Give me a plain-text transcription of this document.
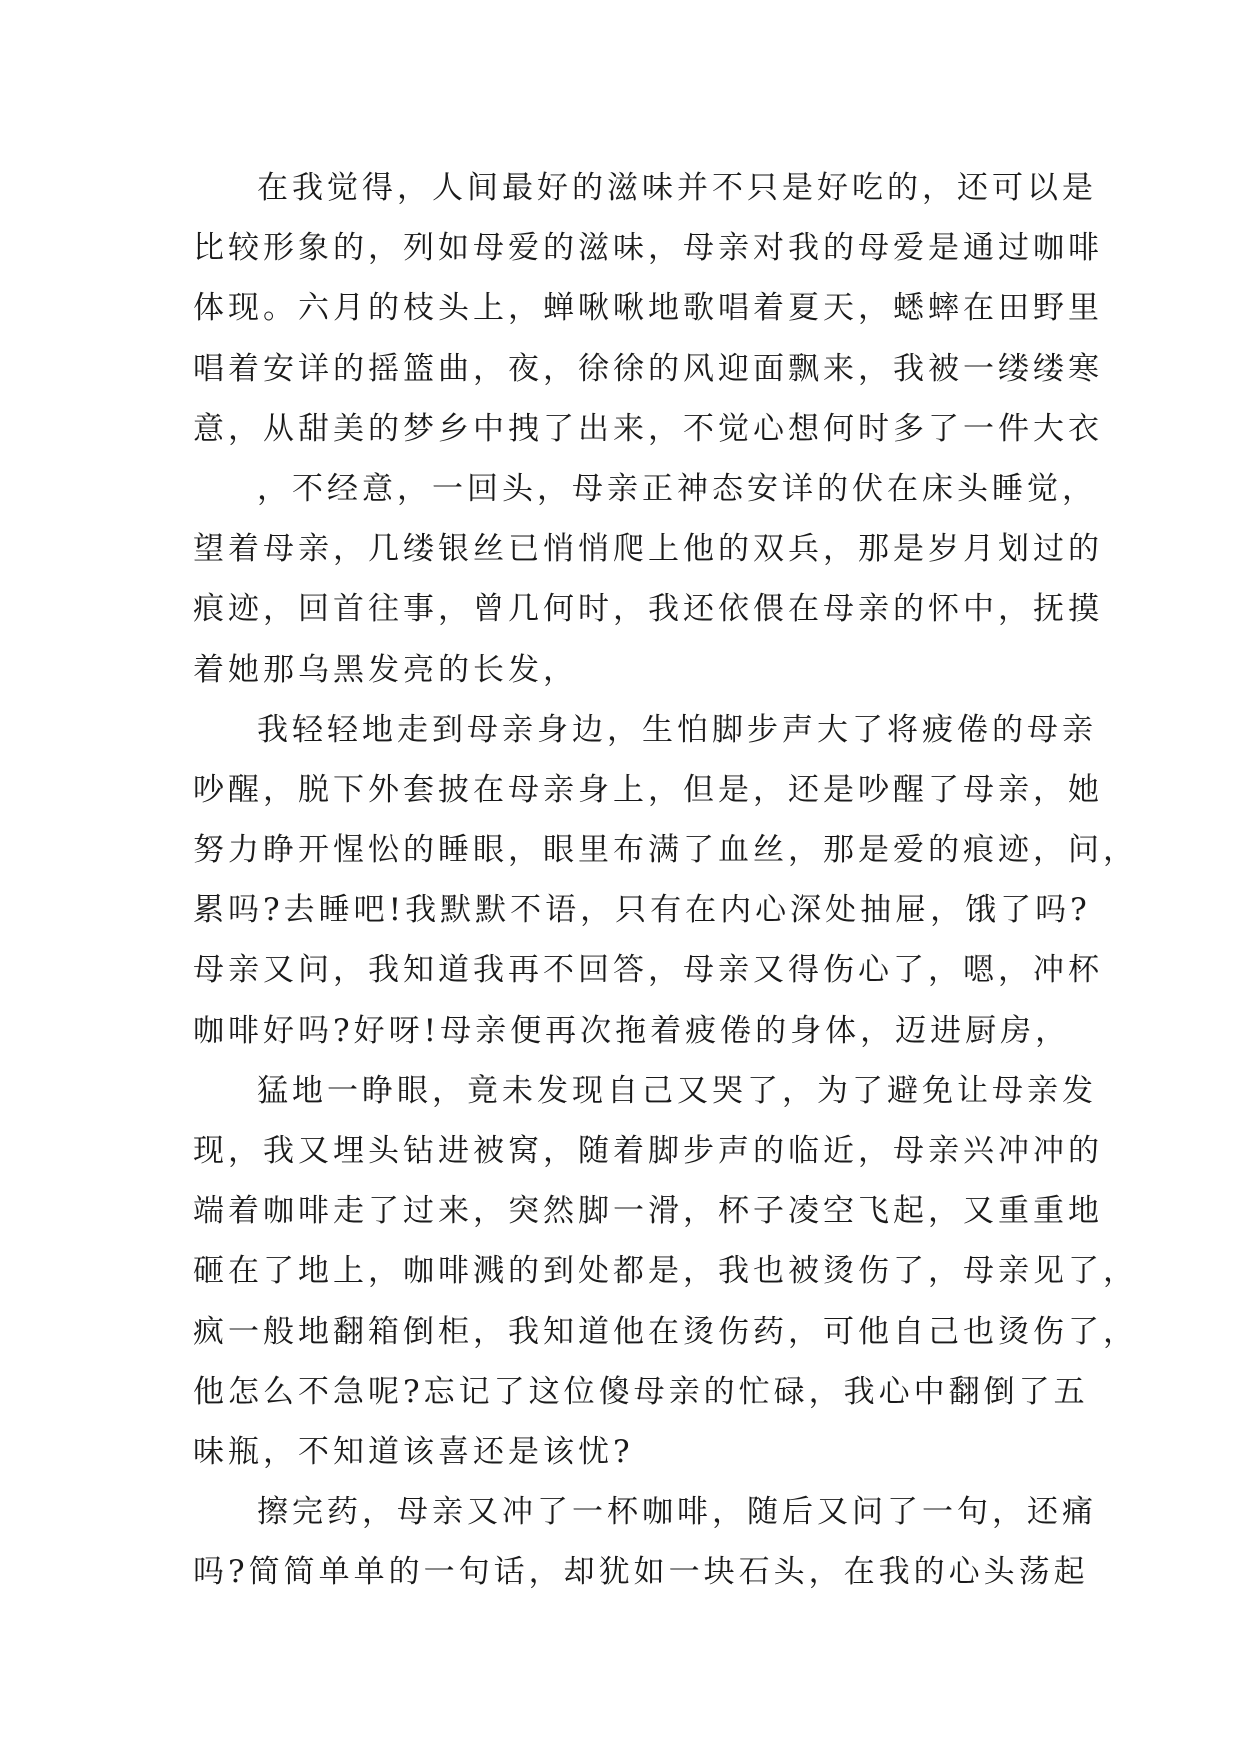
在我觉得，人间最好的滋味并不只是好吃的，还可以是
比较形象的，列如母爱的滋味，母亲对我的母爱是通过咖啡
体现。六月的枝头上，蝉啾啾地歌唱着夏天，蟋蟀在田野里
唱着安详的摇篮曲，夜，徐徐的风迎面飘来，我被一缕缕寒
意，从甜美的梦乡中拽了出来，不觉心想何时多了一件大衣
，不经意，一回头，母亲正神态安详的伏在床头睡觉，
望着母亲，几缕银丝已悄悄爬上他的双兵，那是岁月划过的
痕迹，回首往事，曾几何时，我还依偎在母亲的怀中，抚摸
着她那乌黑发亮的长发，
我轻轻地走到母亲身边，生怕脚步声大了将疲倦的母亲
吵醒，脱下外套披在母亲身上，但是，还是吵醒了母亲，她
努力睁开惺忪的睡眼，眼里布满了血丝，那是爱的痕迹，问，
累吗?去睡吧!我默默不语，只有在内心深处抽屉，饿了吗?
母亲又问，我知道我再不回答，母亲又得伤心了，嗯，冲杯
咖啡好吗?好呀!母亲便再次拖着疲倦的身体，迈进厨房，
猛地一睁眼，竟未发现自己又哭了，为了避免让母亲发
现，我又埋头钻进被窝，随着脚步声的临近，母亲兴冲冲的
端着咖啡走了过来，突然脚一滑，杯子凌空飞起，又重重地
砸在了地上，咖啡溅的到处都是，我也被烫伤了，母亲见了，
疯一般地翻箱倒柜，我知道他在烫伤药，可他自己也烫伤了，
他怎么不急呢?忘记了这位傻母亲的忙碌，我心中翻倒了五
味瓶，不知道该喜还是该忧?
擦完药，母亲又冲了一杯咖啡，随后又问了一句，还痛
吗?简简单单的一句话，却犹如一块石头，在我的心头荡起
